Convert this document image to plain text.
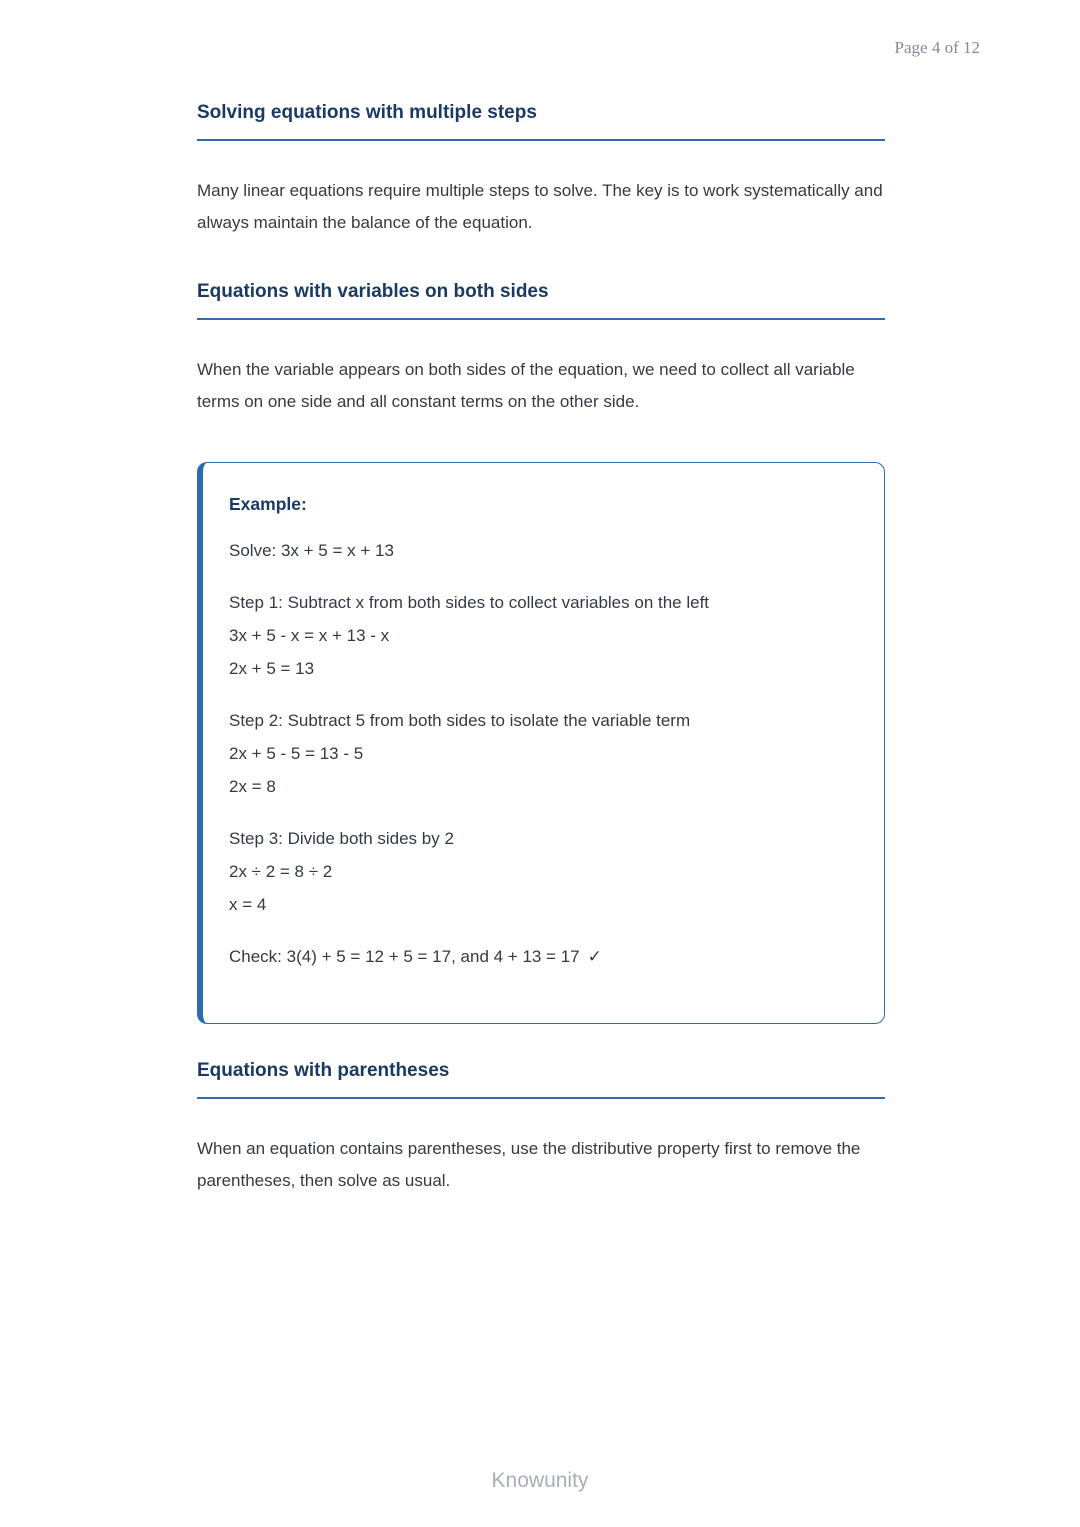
Page 4 of 12
Solving equations with multiple steps

Many linear equations require multiple steps to solve. The key is to work systematically and always maintain the balance of the equation.

Equations with variables on both sides

When the variable appears on both sides of the equation, we need to collect all variable terms on one side and all constant terms on the other side.

Example:
Solve: 3x + 5 = x + 13
Step 1: Subtract x from both sides to collect variables on the left
3x + 5 - x = x + 13 - x
2x + 5 = 13
Step 2: Subtract 5 from both sides to isolate the variable term
2x + 5 - 5 = 13 - 5
2x = 8
Step 3: Divide both sides by 2
2x ÷ 2 = 8 ÷ 2
x = 4
Check: 3(4) + 5 = 12 + 5 = 17, and 4 + 13 = 17 ✓
Equations with parentheses

When an equation contains parentheses, use the distributive property first to remove the parentheses, then solve as usual.

Knowunity
